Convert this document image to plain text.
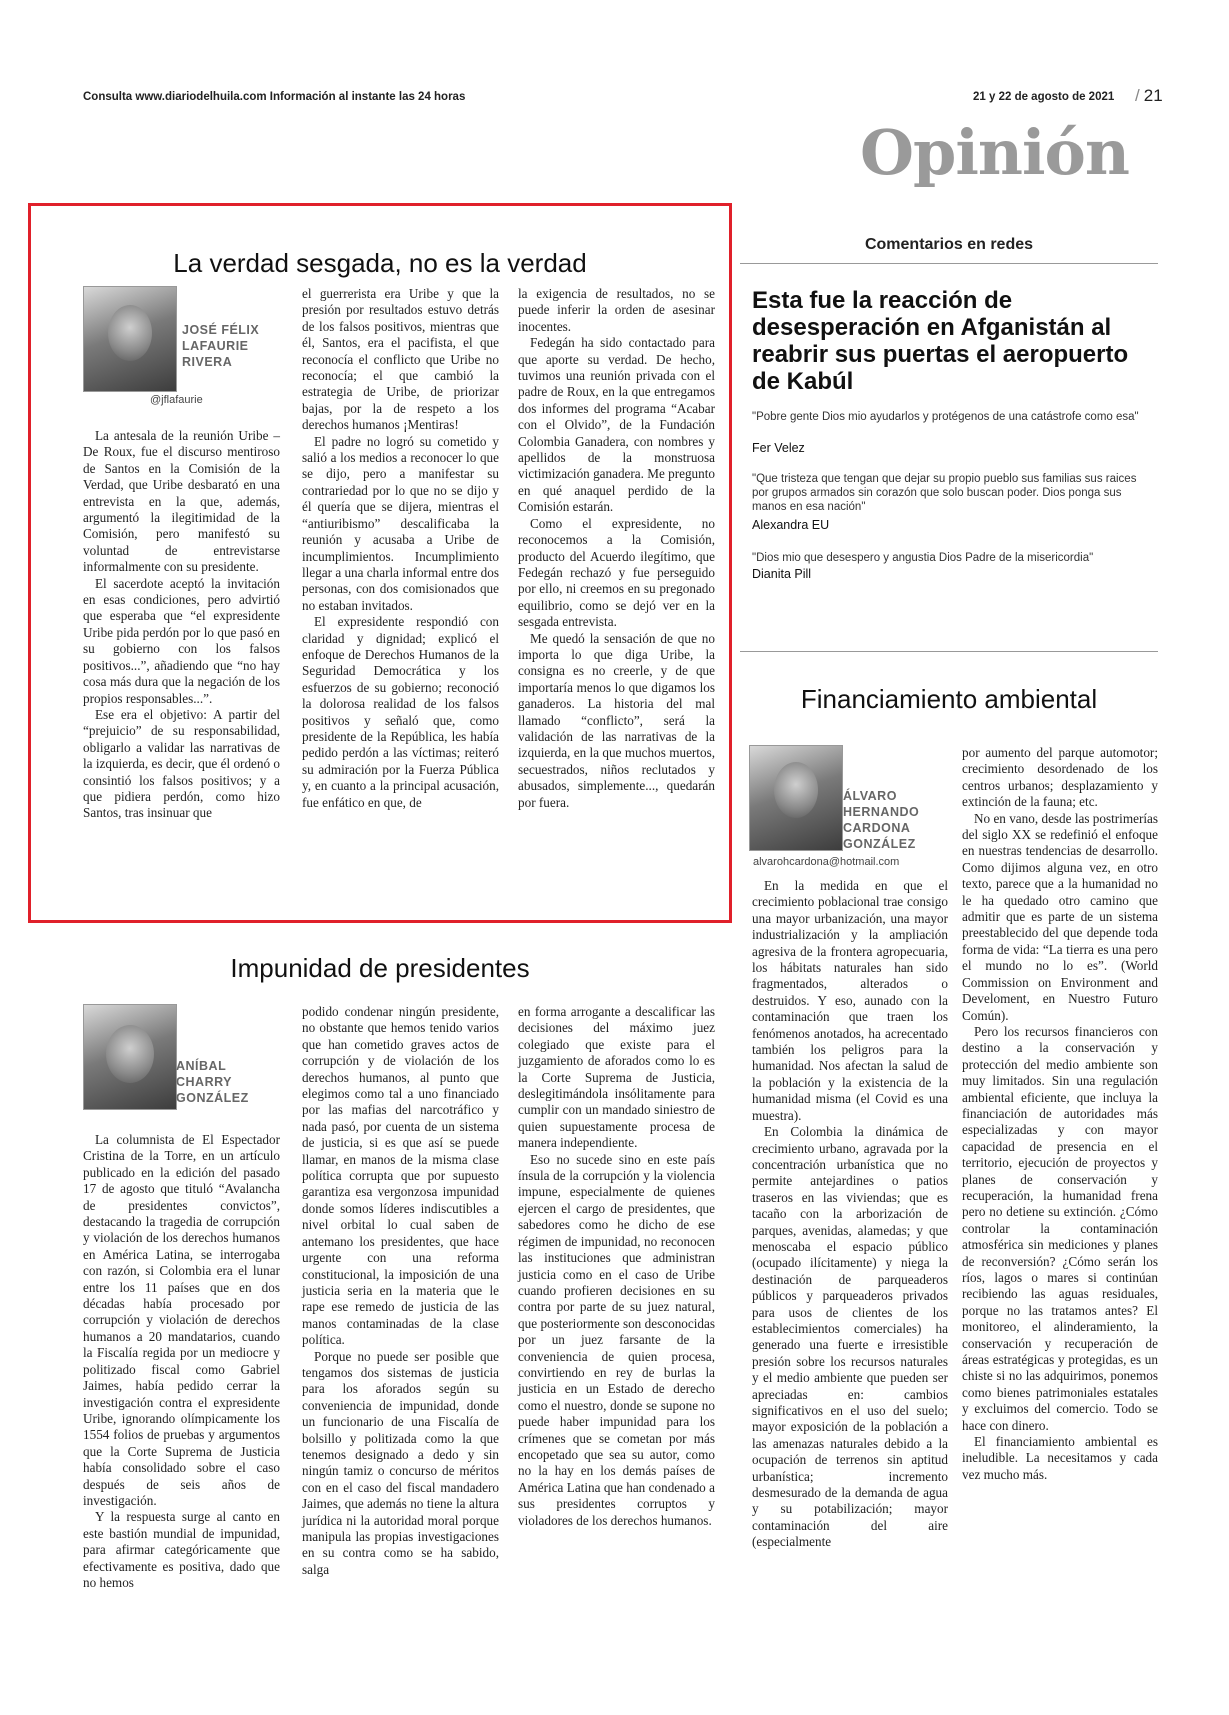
Consulta www.diariodelhuila.com Información al instante las 24 horas	21 y 22 de agosto de 2021 / 21
Opinión
La verdad sesgada, no es la verdad
JOSÉ FÉLIX
LAFAURIE
RIVERA
@jflafaurie

La antesala de la reunión Uribe – De Roux, fue el discurso mentiroso de Santos en la Comisión de la Verdad, que Uribe desbarató en una entrevista en la que, además, argumentó la ilegitimidad de la Comisión, pero manifestó su voluntad de entrevistarse informalmente con su presidente.

El sacerdote aceptó la invitación en esas condiciones, pero advirtió que esperaba que “el expresidente Uribe pida perdón por lo que pasó en su gobierno con los falsos positivos...”, añadiendo que “no hay cosa más dura que la negación de los propios responsables...”.

Ese era el objetivo: A partir del “prejuicio” de su responsabilidad, obligarlo a validar las narrativas de la izquierda, es decir, que él ordenó o consintió los falsos positivos; y a que pidiera perdón, como hizo Santos, tras insinuar que

el guerrerista era Uribe y que la presión por resultados estuvo detrás de los falsos positivos, mientras que él, Santos, era el pacifista, el que reconocía el conflicto que Uribe no reconocía; el que cambió la estrategia de Uribe, de priorizar bajas, por la de respeto a los derechos humanos ¡Mentiras!

El padre no logró su cometido y salió a los medios a reconocer lo que se dijo, pero a manifestar su contrariedad por lo que no se dijo y él quería que se dijera, mientras el “antiuribismo” descalificaba la reunión y acusaba a Uribe de incumplimientos. Incumplimiento llegar a una charla informal entre dos personas, con dos comisionados que no estaban invitados.

El expresidente respondió con claridad y dignidad; explicó el enfoque de Derechos Humanos de la Seguridad Democrática y los esfuerzos de su gobierno; reconoció la dolorosa realidad de los falsos positivos y señaló que, como presidente de la República, les había pedido perdón a las víctimas; reiteró su admiración por la Fuerza Pública y, en cuanto a la principal acusación, fue enfático en que, de

la exigencia de resultados, no se puede inferir la orden de asesinar inocentes.

Fedegán ha sido contactado para que aporte su verdad. De hecho, tuvimos una reunión privada con el padre de Roux, en la que entregamos dos informes del programa “Acabar con el Olvido”, de la Fundación Colombia Ganadera, con nombres y apellidos de la monstruosa victimización ganadera. Me pregunto en qué anaquel perdido de la Comisión estarán.

Como el expresidente, no reconocemos a la Comisión, producto del Acuerdo ilegítimo, que Fedegán rechazó y fue perseguido por ello, ni creemos en su pregonado equilibrio, como se dejó ver en la sesgada entrevista.

Me quedó la sensación de que no importa lo que diga Uribe, la consigna es no creerle, y de que importaría menos lo que digamos los ganaderos. La historia del mal llamado “conflicto”, será la validación de las narrativas de la izquierda, en la que muchos muertos, secuestrados, niños reclutados y abusados, simplemente..., quedarán por fuera.

Comentarios en redes
Esta fue la reacción de desesperación en Afganistán al reabrir sus puertas el aeropuerto de Kabúl
"Pobre gente Dios mio ayudarlos y protégenos de una catástrofe como esa"
Fer Velez
"Que tristeza que tengan que dejar su propio pueblo sus familias sus raices por grupos armados sin corazón que solo buscan poder. Dios ponga sus manos en esa nación"
Alexandra EU
"Dios mio que desespero y angustia Dios Padre de la misericordia"
Dianita Pill
Financiamiento ambiental
ÁLVARO
HERNANDO
CARDONA
GONZÁLEZ
alvarohcardona@hotmail.com

En la medida en que el crecimiento poblacional trae consigo una mayor urbanización, una mayor industrialización y la ampliación agresiva de la frontera agropecuaria, los hábitats naturales han sido fragmentados, alterados o destruidos. Y eso, aunado con la contaminación que traen los fenómenos anotados, ha acrecentado también los peligros para la humanidad. Nos afectan la salud de la población y la existencia de la humanidad misma (el Covid es una muestra).

En Colombia la dinámica de crecimiento urbano, agravada por la concentración urbanística que no permite antejardines o patios traseros en las viviendas; que es tacaño con la arborización de parques, avenidas, alamedas; y que menoscaba el espacio público (ocupado ilícitamente) y niega la destinación de parqueaderos públicos y parqueaderos privados para usos de clientes de los establecimientos comerciales) ha generado una fuerte e irresistible presión sobre los recursos naturales y el medio ambiente que pueden ser apreciadas en: cambios significativos en el uso del suelo; mayor exposición de la población a las amenazas naturales debido a la ocupación de terrenos sin aptitud urbanística; incremento desmesurado de la demanda de agua y su potabilización; mayor contaminación del aire (especialmente

por aumento del parque automotor; crecimiento desordenado de los centros urbanos; desplazamiento y extinción de la fauna; etc.

No en vano, desde las postrimerías del siglo XX se redefinió el enfoque en nuestras tendencias de desarrollo. Como dijimos alguna vez, en otro texto, parece que a la humanidad no le ha quedado otro camino que admitir que es parte de un sistema preestablecido del que depende toda forma de vida: “La tierra es una pero el mundo no lo es”. (World Commission on Environment and Develoment, en Nuestro Futuro Común).

Pero los recursos financieros con destino a la conservación y protección del medio ambiente son muy limitados. Sin una regulación ambiental eficiente, que incluya la financiación de autoridades más especializadas y con mayor capacidad de presencia en el territorio, ejecución de proyectos y planes de conservación y recuperación, la humanidad frena pero no detiene su extinción. ¿Cómo controlar la contaminación atmosférica sin mediciones y planes de reconversión? ¿Cómo serán los ríos, lagos o mares si continúan recibiendo las aguas residuales, porque no las tratamos antes? El monitoreo, el alinderamiento, la conservación y recuperación de áreas estratégicas y protegidas, es un chiste si no las adquirimos, ponemos como bienes patrimoniales estatales y excluimos del comercio. Todo se hace con dinero.

El financiamiento ambiental es ineludible. La necesitamos y cada vez mucho más.

Impunidad de presidentes
ANÍBAL
CHARRY
GONZÁLEZ

La columnista de El Espectador Cristina de la Torre, en un artículo publicado en la edición del pasado 17 de agosto que tituló “Avalancha de presidentes convictos”, destacando la tragedia de corrupción y violación de los derechos humanos en América Latina, se interrogaba con razón, si Colombia era el lunar entre los 11 países que en dos décadas había procesado por corrupción y violación de derechos humanos a 20 mandatarios, cuando la Fiscalía regida por un mediocre y politizado fiscal como Gabriel Jaimes, había pedido cerrar la investigación contra el expresidente Uribe, ignorando olímpicamente los 1554 folios de pruebas y argumentos que la Corte Suprema de Justicia había consolidado sobre el caso después de seis años de investigación.

Y la respuesta surge al canto en este bastión mundial de impunidad, para afirmar categóricamente que efectivamente es positiva, dado que no hemos

podido condenar ningún presidente, no obstante que hemos tenido varios que han cometido graves actos de corrupción y de violación de los derechos humanos, al punto que elegimos como tal a uno financiado por las mafias del narcotráfico y nada pasó, por cuenta de un sistema de justicia, si es que así se puede llamar, en manos de la misma clase política corrupta que por supuesto garantiza esa vergonzosa impunidad donde somos líderes indiscutibles a nivel orbital lo cual saben de antemano los presidentes, que hace urgente con una reforma constitucional, la imposición de una justicia seria en la materia que le rape ese remedo de justicia de las manos contaminadas de la clase política.

Porque no puede ser posible que tengamos dos sistemas de justicia para los aforados según su conveniencia de impunidad, donde un funcionario de una Fiscalía de bolsillo y politizada como la que tenemos designado a dedo y sin ningún tamiz o concurso de méritos con en el caso del fiscal mandadero Jaimes, que además no tiene la altura jurídica ni la autoridad moral porque manipula las propias investigaciones en su contra como se ha sabido, salga

en forma arrogante a descalificar las decisiones del máximo juez colegiado que existe para el juzgamiento de aforados como lo es la Corte Suprema de Justicia, deslegitimándola insólitamente para cumplir con un mandado siniestro de quien supuestamente procesa de manera independiente.

Eso no sucede sino en este país ínsula de la corrupción y la violencia impune, especialmente de quienes ejercen el cargo de presidentes, que sabedores como he dicho de ese régimen de impunidad, no reconocen las instituciones que administran justicia como en el caso de Uribe cuando profieren decisiones en su contra por parte de su juez natural, que posteriormente son desconocidas por un juez farsante de la conveniencia de quien procesa, convirtiendo en rey de burlas la justicia en un Estado de derecho como el nuestro, donde se supone no puede haber impunidad para los crímenes que se cometan por más encopetado que sea su autor, como no la hay en los demás países de América Latina que han condenado a sus presidentes corruptos y violadores de los derechos humanos.
